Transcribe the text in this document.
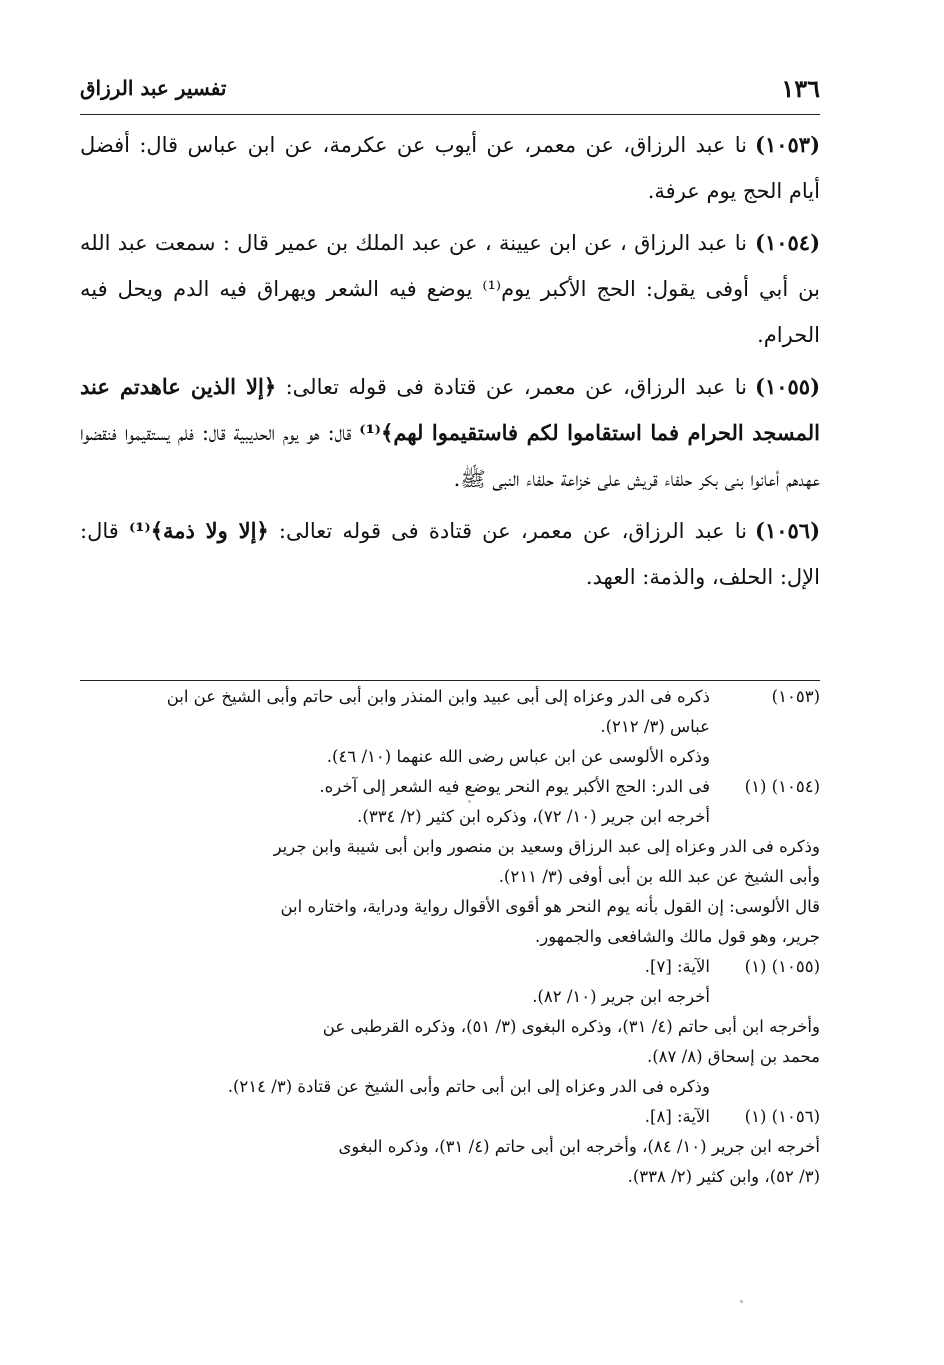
١٣٦
تفسير عبد الرزاق

(١٠٥٣)نا عبد الرزاق، عن معمر، عن أيوب عن عكرمة، عن ابن عباس قال: أفضل أيام الحج يوم عرفة.

(١٠٥٤)نا عبد الرزاق ، عن ابن عيينة ، عن عبد الملك بن عمير قال : سمعت عبد الله بن أبي أوفى يقول: الحج الأكبر يوم⁽¹⁾ يوضع فيه الشعر ويهراق فيه الدم ويحل فيه الحرام.

(١٠٥٥)نا عبد الرزاق، عن معمر، عن قتادة فى قوله تعالى: ﴿إلا الذين عاهدتم عند المسجد الحرام فما استقاموا لكم فاستقيموا لهم﴾⁽¹⁾ قال: هو يوم الحديبية قال: فلم يستقيموا فنقضوا عهدهم أعانوا بنى بكر حلفاء قريش على خزاعة حلفاء النبى ﷺ.

(١٠٥٦)نا عبد الرزاق، عن معمر، عن قتادة فى قوله تعالى: ﴿إلا ولا ذمة﴾⁽¹⁾ قال: الإل: الحلف، والذمة: العهد.

(١٠٥٣)
ذكره فى الدر وعزاه إلى أبى عبيد وابن المنذر وابن أبى حاتم وأبى الشيخ عن ابن
عباس (٣/ ٢١٢).
وذكره الألوسى عن ابن عباس رضى الله عنهما (١٠/ ٤٦).
(١٠٥٤) (١)
فى الدر: الحج الأكبر يوم النحر يوضع فيه الشعر إلى آخره.
أخرجه ابن جرير (١٠/ ٧٢)، وذكره ابن كثير (٢/ ٣٣٤).
وذكره فى الدر وعزاه إلى عبد الرزاق وسعيد بن منصور وابن أبى شيبة وابن جرير
وأبى الشيخ عن عبد الله بن أبى أوفى (٣/ ٢١١).
قال الألوسى: إن القول بأنه يوم النحر هو أقوى الأقوال رواية ودراية، واختاره ابن
جرير، وهو قول مالك والشافعى والجمهور.
(١٠٥٥) (١)
الآية: [٧].
أخرجه ابن جرير (١٠/ ٨٢).
وأخرجه ابن أبى حاتم (٤/ ٣١)، وذكره البغوى (٣/ ٥١)، وذكره القرطبى عن
محمد بن إسحاق (٨/ ٨٧).
وذكره فى الدر وعزاه إلى ابن أبى حاتم وأبى الشيخ عن قتادة (٣/ ٢١٤).
(١٠٥٦) (١)
الآية: [٨].
أخرجه ابن جرير (١٠/ ٨٤)، وأخرجه ابن أبى حاتم (٤/ ٣١)، وذكره البغوى
(٣/ ٥٢)، وابن كثير (٢/ ٣٣٨).
